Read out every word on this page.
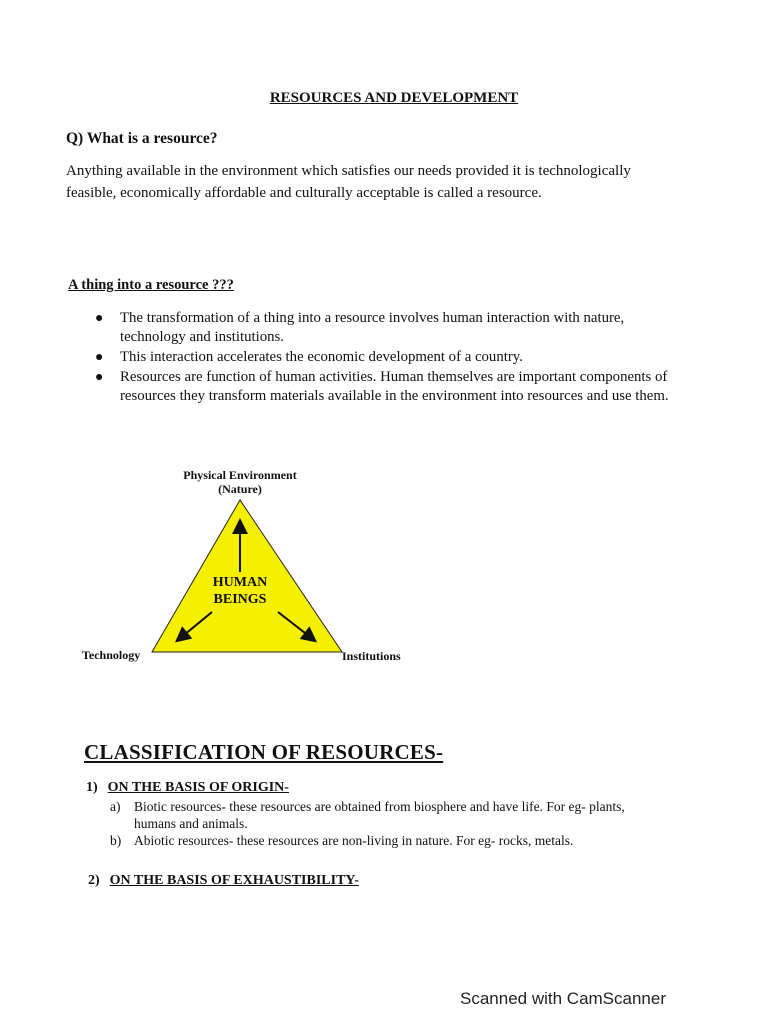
RESOURCES AND DEVELOPMENT
Q) What is a resource?
Anything available in the environment which satisfies our needs provided it is technologically feasible, economically affordable and culturally acceptable is called a resource.
A thing into a resource ???
● The transformation of a thing into a resource involves human interaction with nature, technology and institutions.
● This interaction accelerates the economic development of a country.
● Resources are function of human activities. Human themselves are important components of resources they transform materials available in the environment into resources and use them.
Physical Environment
(Nature)
HUMAN
BEINGS
Technology	Institutions
CLASSIFICATION OF RESOURCES-
1) ON THE BASIS OF ORIGIN-
a) Biotic resources- these resources are obtained from biosphere and have life. For eg- plants, humans and animals.
b) Abiotic resources- these resources are non-living in nature. For eg- rocks, metals.
2) ON THE BASIS OF EXHAUSTIBILITY-
Scanned with CamScanner
